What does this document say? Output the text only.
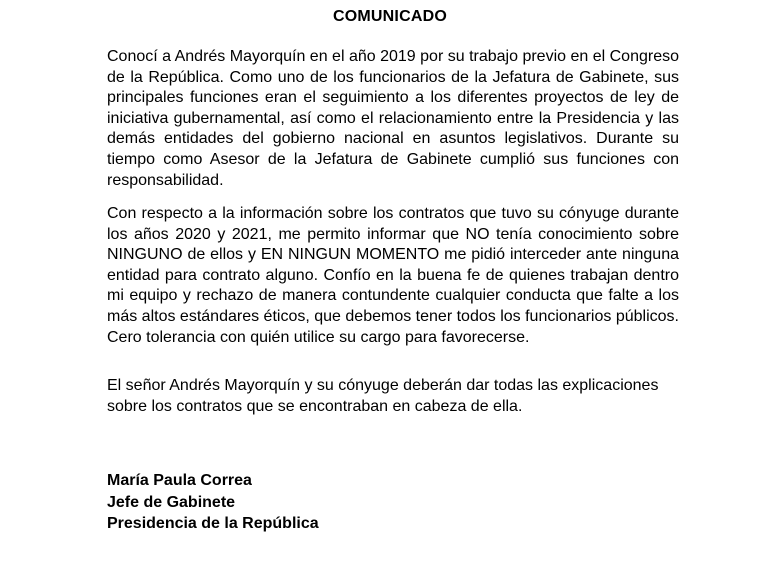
COMUNICADO

Conocí a Andrés Mayorquín en el año 2019 por su trabajo previo en el Congreso de la República. Como uno de los funcionarios de la Jefatura de Gabinete, sus principales funciones eran el seguimiento a los diferentes proyectos de ley de iniciativa gubernamental, así como el relacionamiento entre la Presidencia y las demás entidades del gobierno nacional en asuntos legislativos. Durante su tiempo como Asesor de la Jefatura de Gabinete cumplió sus funciones con responsabilidad.

Con respecto a la información sobre los contratos que tuvo su cónyuge durante los años 2020 y 2021, me permito informar que NO tenía conocimiento sobre NINGUNO de ellos y EN NINGUN MOMENTO me pidió interceder ante ninguna entidad para contrato alguno. Confío en la buena fe de quienes trabajan dentro mi equipo y rechazo de manera contundente cualquier conducta que falte a los más altos estándares éticos, que debemos tener todos los funcionarios públicos. Cero tolerancia con quién utilice su cargo para favorecerse.

El señor Andrés Mayorquín y su cónyuge deberán dar todas las explicaciones sobre los contratos que se encontraban en cabeza de ella.

María Paula Correa
Jefe de Gabinete
Presidencia de la República
